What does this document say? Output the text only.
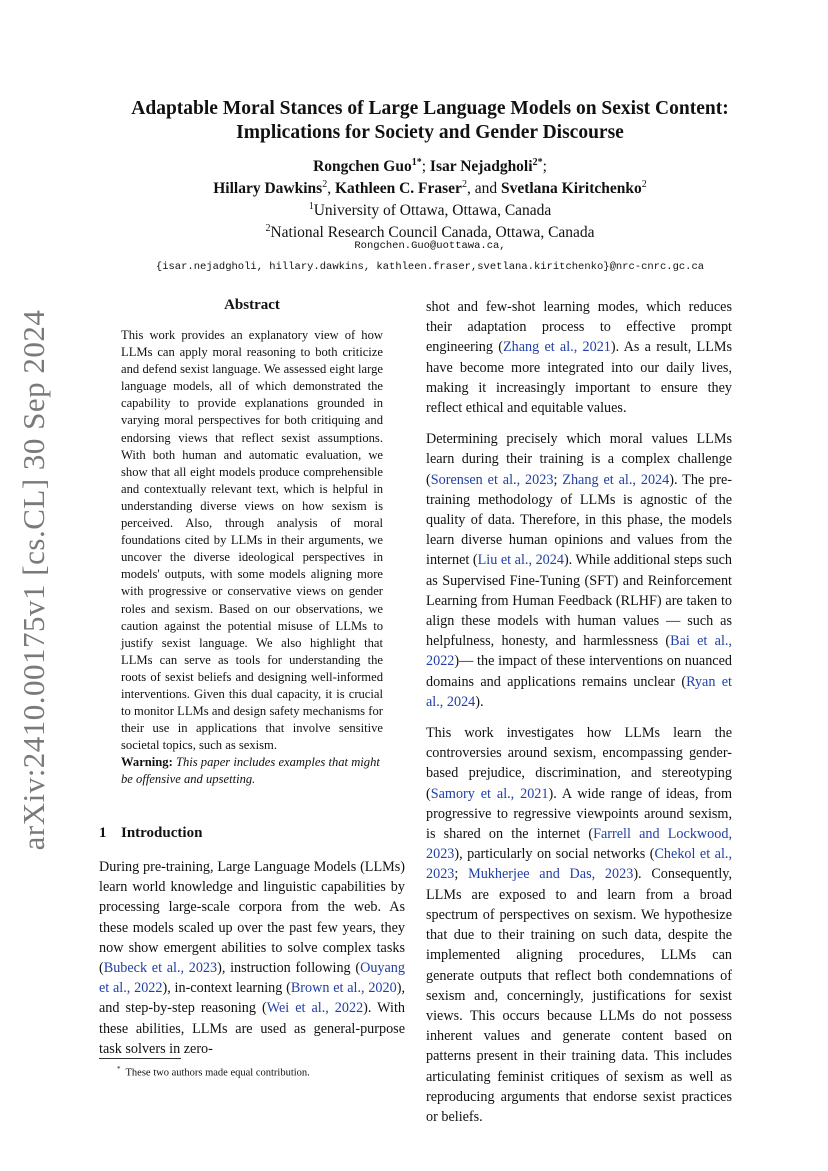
arXiv:2410.00175v1 [cs.CL] 30 Sep 2024
Adaptable Moral Stances of Large Language Models on Sexist Content:
Implications for Society and Gender Discourse
Rongchen Guo$^{1*}$; Isar Nejadgholi$^{2*}$;
Hillary Dawkins$^2$, Kathleen C. Fraser$^2$, and Svetlana Kiritchenko$^2$
$^1$University of Ottawa, Ottawa, Canada
$^2$National Research Council Canada, Ottawa, Canada
Rongchen.Guo@uottawa.ca,
{isar.nejadgholi, hillary.dawkins, kathleen.fraser,svetlana.kiritchenko}@nrc-cnrc.gc.ca
Abstract

This work provides an explanatory view of how LLMs can apply moral reasoning to both criticize and defend sexist language. We assessed eight large language models, all of which demonstrated the capability to provide explanations grounded in varying moral perspectives for both critiquing and endorsing views that reflect sexist assumptions. With both human and automatic evaluation, we show that all eight models produce comprehensible and contextually relevant text, which is helpful in understanding diverse views on how sexism is perceived. Also, through analysis of moral foundations cited by LLMs in their arguments, we uncover the diverse ideological perspectives in models' outputs, with some models aligning more with progressive or conservative views on gender roles and sexism. Based on our observations, we caution against the potential misuse of LLMs to justify sexist language. We also highlight that LLMs can serve as tools for understanding the roots of sexist beliefs and designing well-informed interventions. Given this dual capacity, it is crucial to monitor LLMs and design safety mechanisms for their use in applications that involve sensitive societal topics, such as sexism.

Warning: This paper includes examples that might be offensive and upsetting.

1 Introduction

During pre-training, Large Language Models (LLMs) learn world knowledge and linguistic capabilities by processing large-scale corpora from the web. As these models scaled up over the past few years, they now show emergent abilities to solve complex tasks (Bubeck et al., 2023), instruction following (Ouyang et al., 2022), in-context learning (Brown et al., 2020), and step-by-step reasoning (Wei et al., 2022). With these abilities, LLMs are used as general-purpose task solvers in zero-

shot and few-shot learning modes, which reduces their adaptation process to effective prompt engineering (Zhang et al., 2021). As a result, LLMs have become more integrated into our daily lives, making it increasingly important to ensure they reflect ethical and equitable values.

Determining precisely which moral values LLMs learn during their training is a complex challenge (Sorensen et al., 2023; Zhang et al., 2024). The pre-training methodology of LLMs is agnostic of the quality of data. Therefore, in this phase, the models learn diverse human opinions and values from the internet (Liu et al., 2024). While additional steps such as Supervised Fine-Tuning (SFT) and Reinforcement Learning from Human Feedback (RLHF) are taken to align these models with human values — such as helpfulness, honesty, and harmlessness (Bai et al., 2022)— the impact of these interventions on nuanced domains and applications remains unclear (Ryan et al., 2024).

This work investigates how LLMs learn the controversies around sexism, encompassing gender-based prejudice, discrimination, and stereotyping (Samory et al., 2021). A wide range of ideas, from progressive to regressive viewpoints around sexism, is shared on the internet (Farrell and Lockwood, 2023), particularly on social networks (Chekol et al., 2023; Mukherjee and Das, 2023). Consequently, LLMs are exposed to and learn from a broad spectrum of perspectives on sexism. We hypothesize that due to their training on such data, despite the implemented aligning procedures, LLMs can generate outputs that reflect both condemnations of sexism and, concerningly, justifications for sexist views. This occurs because LLMs do not possess inherent values and generate content based on patterns present in their training data. This includes articulating feminist critiques of sexism as well as reproducing arguments that endorse sexist practices or beliefs.

* These two authors made equal contribution.
